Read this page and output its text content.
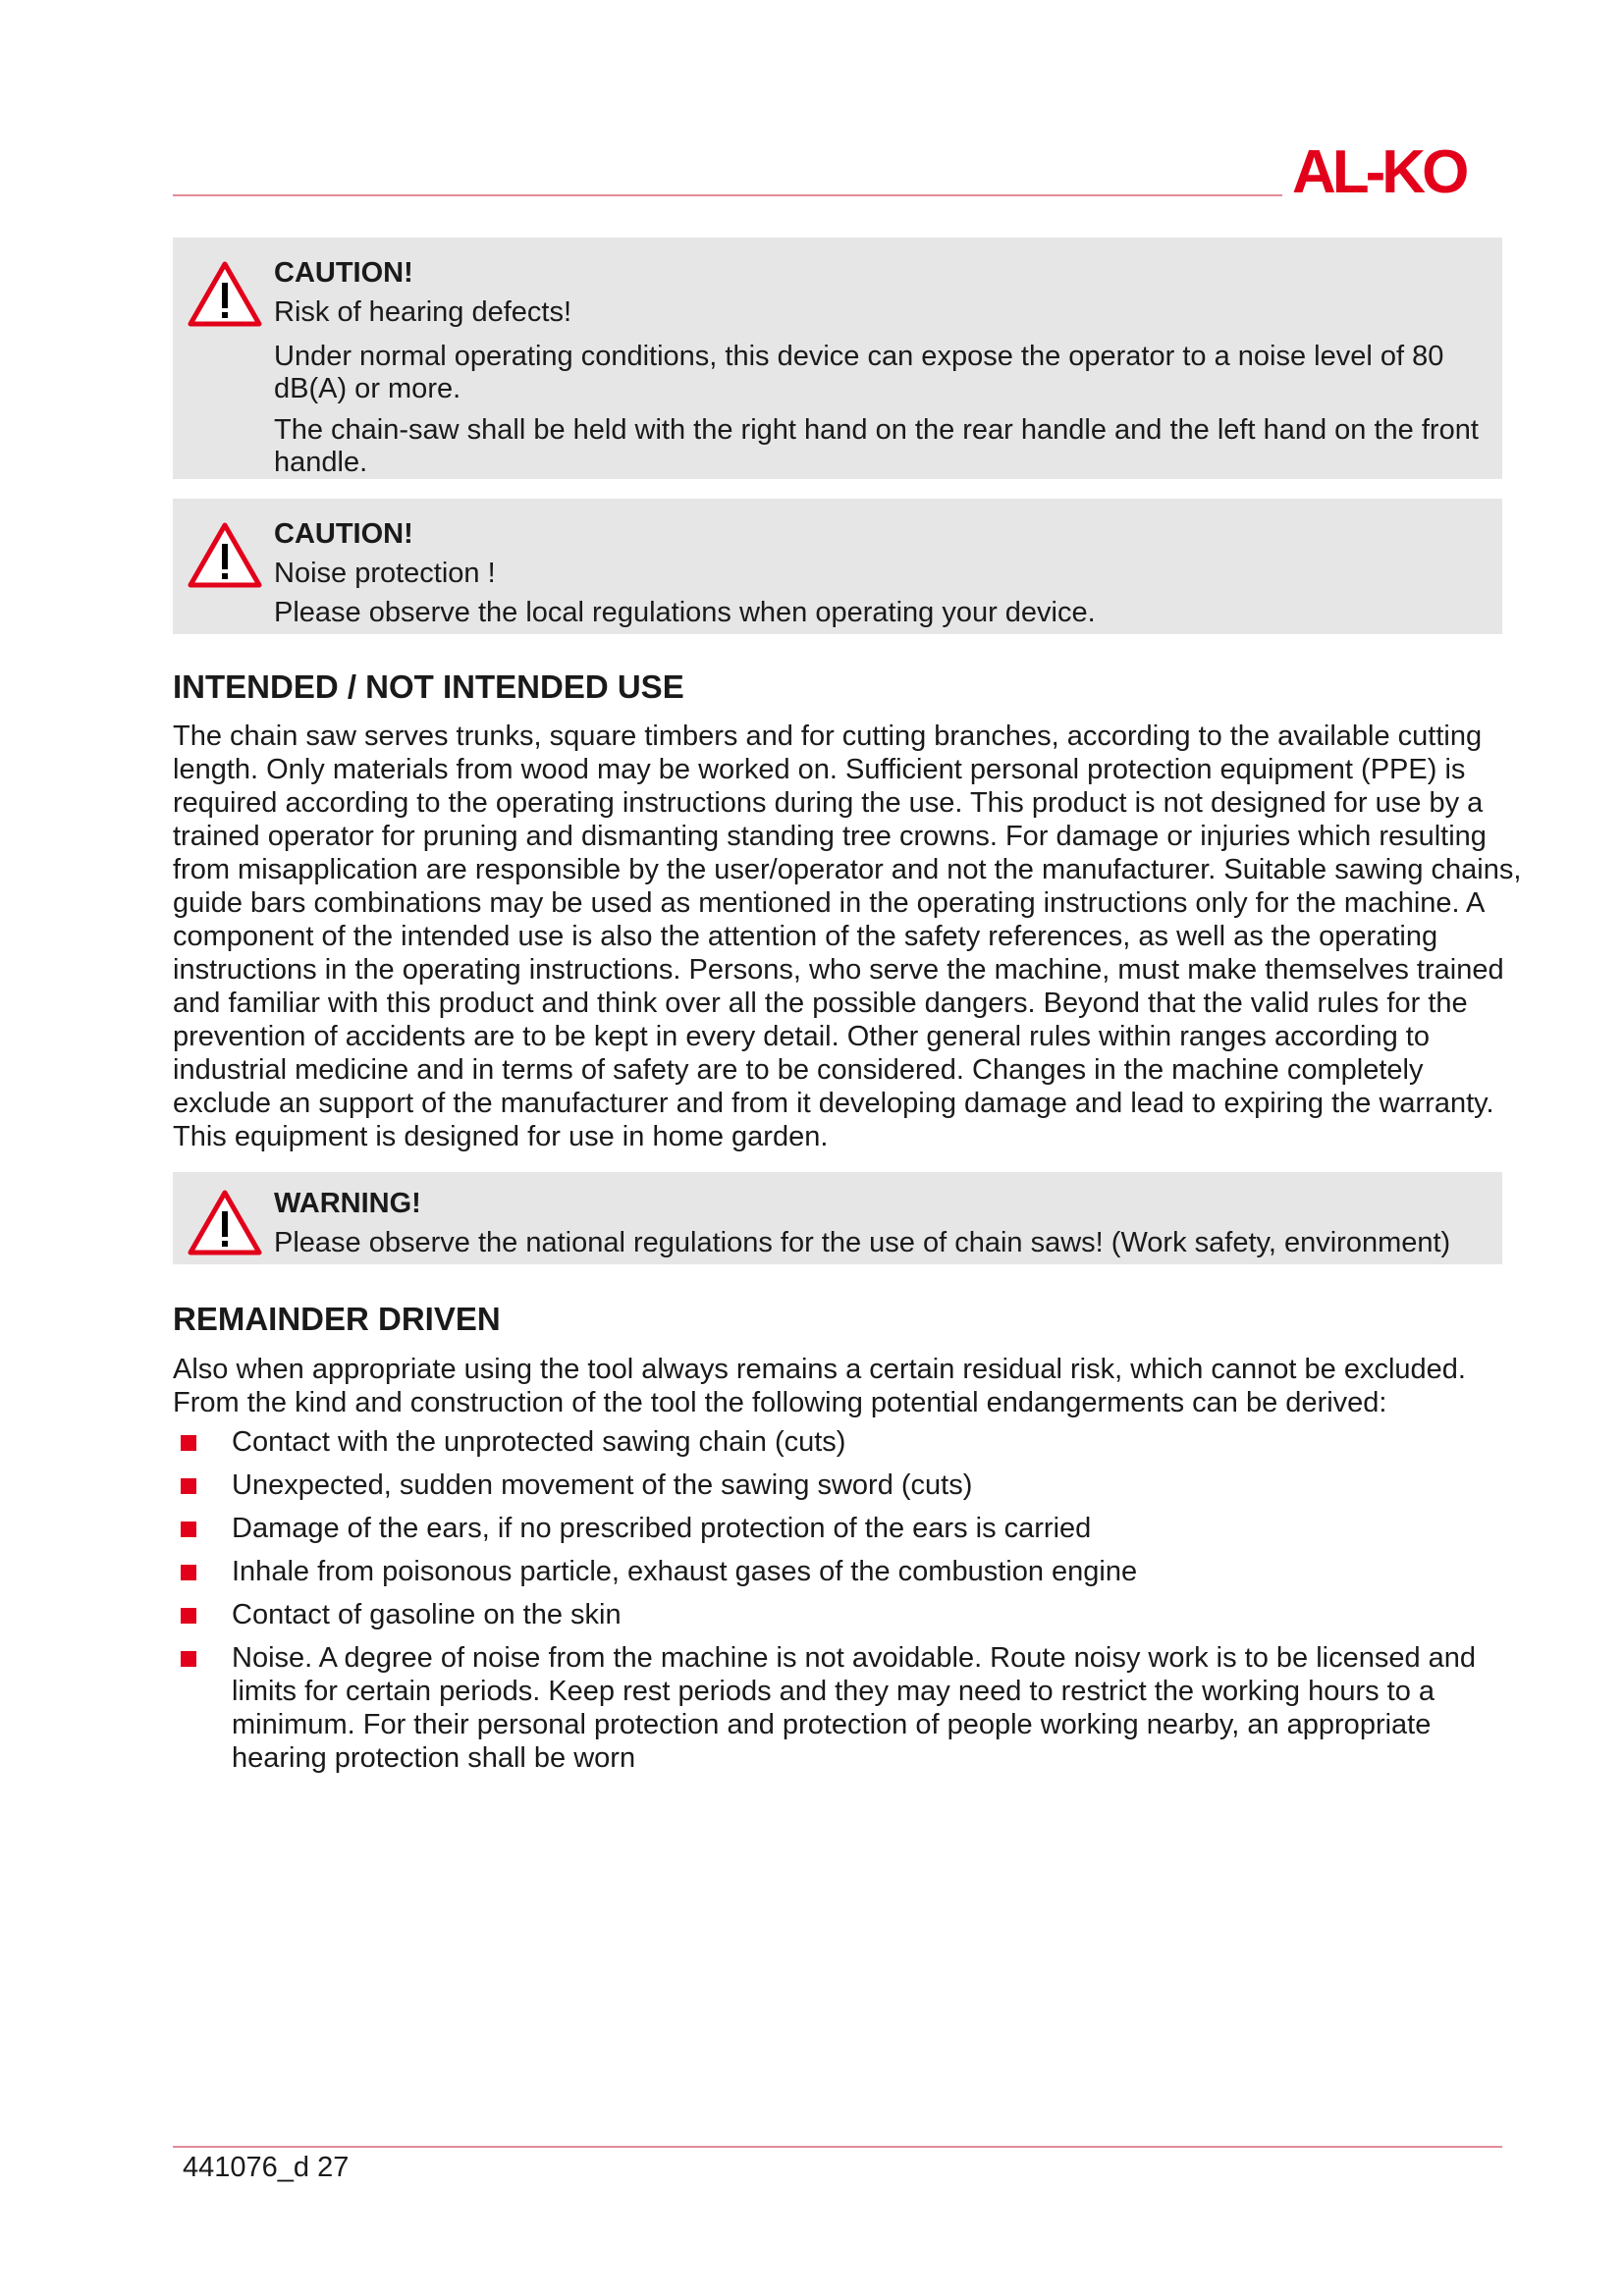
AL-KO
CAUTION!
Risk of hearing defects!
Under normal operating conditions, this device can expose the operator to a noise level of 80 dB(A) or more.
The chain-saw shall be held with the right hand on the rear handle and the left hand on the front handle.
CAUTION!
Noise protection !
Please observe the local regulations when operating your device.
INTENDED / NOT INTENDED USE

The chain saw serves trunks, square timbers and for cutting branches, according to the available cutting length. Only materials from wood may be worked on. Sufficient personal protection equipment (PPE) is required according to the operating instructions during the use. This product is not designed for use by a trained operator for pruning and dismanting standing tree crowns. For damage or injuries which resulting from misapplication are responsible by the user/operator and not the manufacturer. Suitable sawing chains, guide bars combinations may be used as mentioned in the operating instructions only for the machine. A component of the intended use is also the attention of the safety references, as well as the operating instructions in the operating instructions. Persons, who serve the machine, must make themselves trained and familiar with this product and think over all the possible dangers. Beyond that the valid rules for the prevention of accidents are to be kept in every detail. Other general rules within ranges according to industrial medicine and in terms of safety are to be considered. Changes in the machine completely exclude an support of the manufacturer and from it developing damage and lead to expiring the warranty. This equipment is designed for use in home garden.

WARNING!
Please observe the national regulations for the use of chain saws! (Work safety, environment)
REMAINDER DRIVEN

Also when appropriate using the tool always remains a certain residual risk, which cannot be excluded. From the kind and construction of the tool the following potential endangerments can be derived:

Contact with the unprotected sawing chain (cuts)
Unexpected, sudden movement of the sawing sword (cuts)
Damage of the ears, if no prescribed protection of the ears is carried
Inhale from poisonous particle, exhaust gases of the combustion engine
Contact of gasoline on the skin
Noise. A degree of noise from the machine is not avoidable. Route noisy work is to be licensed and limits for certain periods. Keep rest periods and they may need to restrict the working hours to a minimum. For their personal protection and protection of people working nearby, an appropriate hearing protection shall be worn
441076_d 27
